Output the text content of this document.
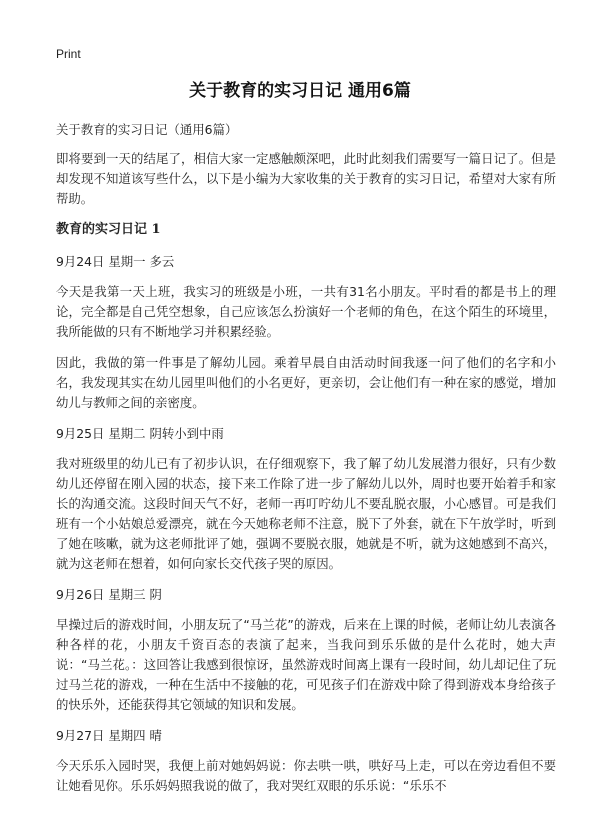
Print
关于教育的实习日记 通用6篇

关于教育的实习日记（通用6篇）

即将要到一天的结尾了，相信大家一定感触颇深吧，此时此刻我们需要写一篇日记了。但是却发现不知道该写些什么，以下是小编为大家收集的关于教育的实习日记，希望对大家有所帮助。

教育的实习日记 1

9月24日 星期一 多云

今天是我第一天上班，我实习的班级是小班，一共有31名小朋友。平时看的都是书上的理论，完全都是自己凭空想象，自己应该怎么扮演好一个老师的角色，在这个陌生的环境里，我所能做的只有不断地学习并积累经验。

因此，我做的第一件事是了解幼儿园。乘着早晨自由活动时间我逐一问了他们的名字和小名，我发现其实在幼儿园里叫他们的小名更好，更亲切，会让他们有一种在家的感觉，增加幼儿与教师之间的亲密度。

9月25日 星期二 阴转小到中雨

我对班级里的幼儿已有了初步认识，在仔细观察下，我了解了幼儿发展潜力很好，只有少数幼儿还停留在刚入园的状态，接下来工作除了进一步了解幼儿以外，周时也要开始着手和家长的沟通交流。这段时间天气不好，老师一再叮咛幼儿不要乱脱衣服，小心感冒。可是我们班有一个小姑娘总爱漂亮，就在今天她称老师不注意，脱下了外套，就在下午放学时，听到了她在咳嗽，就为这老师批评了她，强调不要脱衣服，她就是不听，就为这她感到不高兴，就为这老师在想着，如何向家长交代孩子哭的原因。

9月26日 星期三 阴

早操过后的游戏时间，小朋友玩了“马兰花”的游戏，后来在上课的时候，老师让幼儿表演各种各样的花，小朋友千资百态的表演了起来，当我问到乐乐做的是什么花时，她大声说：“马兰花。：这回答让我感到很惊讶，虽然游戏时间离上课有一段时间，幼儿却记住了玩过马兰花的游戏，一种在生活中不接触的花，可见孩子们在游戏中除了得到游戏本身给孩子的快乐外，还能获得其它领域的知识和发展。

9月27日 星期四 晴

今天乐乐入园时哭，我便上前对她妈妈说：你去哄一哄，哄好马上走，可以在旁边看但不要让她看见你。乐乐妈妈照我说的做了，我对哭红双眼的乐乐说：“乐乐不
